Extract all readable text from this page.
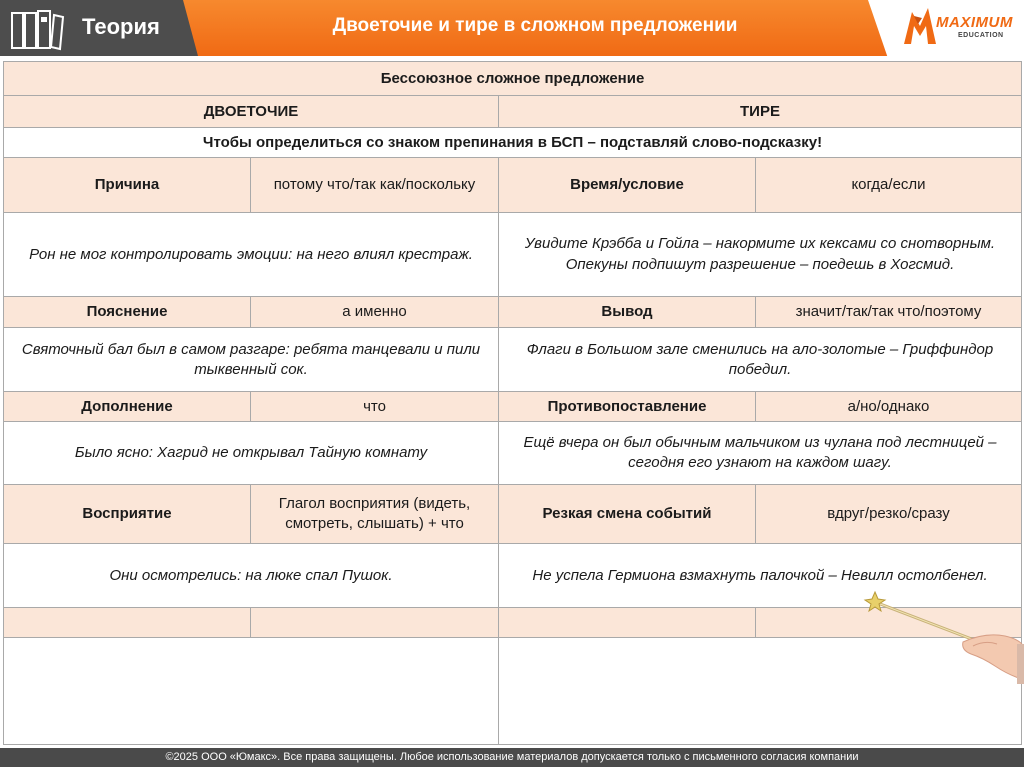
Теория	Двоеточие и тире в сложном предложении	MAXIMUM
EDUCATION
Бессоюзное сложное предложение			
ДВОЕТОЧИЕ		ТИРЕ	
Чтобы определиться со знаком препинания в БСП – подставляй слово-подсказку!			
Причина	потому что/так как/поскольку	Время/условие	когда/если
Рон не мог контролировать эмоции: на него влиял крестраж.		Увидите Крэбба и Гойла – накормите их кексами со снотворным.
Опекуны подпишут разрешение – поедешь в Хогсмид.	

Пояснение	а именно	Вывод	значит/так/так что/поэтому
Святочный бал был в самом разгаре: ребята танцевали и пили тыквенный сок.		Флаги в Большом зале сменились на ало-золотые – Гриффиндор победил.	
Дополнение	что	Противопоставление	а/но/однако
Было ясно: Хагрид не открывал Тайную комнату		Ещё вчера он был обычным мальчиком из чулана под лестницей – сегодня его узнают на каждом шагу.	
Восприятие	Глагол восприятия (видеть, смотреть, слышать) + что	Резкая смена событий	вдруг/резко/сразу
Они осмотрелись: на люке спал Пушок.		Не успела Гермиона взмахнуть палочкой – Невилл остолбенел.	

©2025 ООО «Юмакс». Все права защищены. Любое использование материалов допускается только с письменного согласия компании
